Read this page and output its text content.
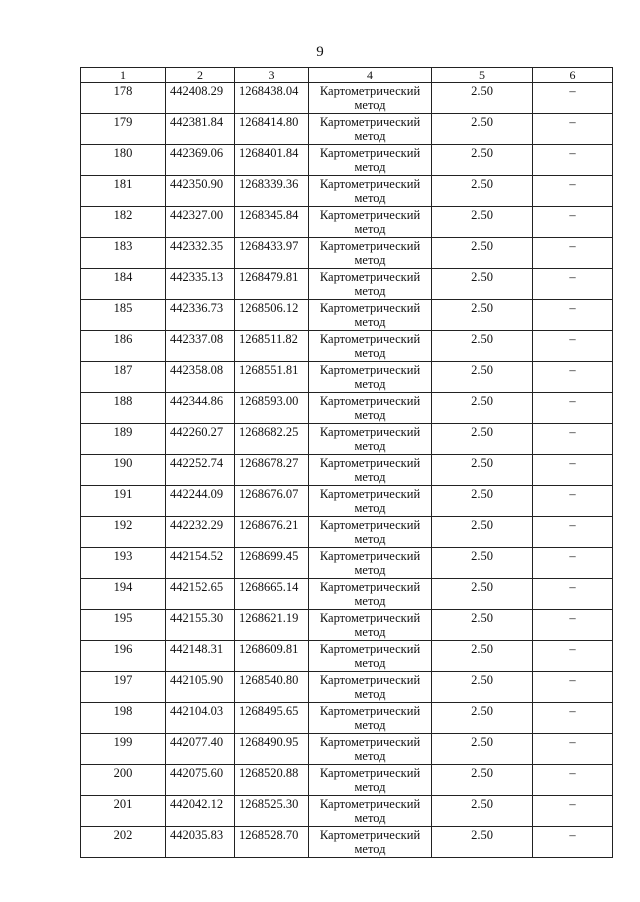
9
1	2	3	4	5	6
178	442408.29	1268438.04	Картометрический метод	2.50	–
179	442381.84	1268414.80	Картометрический метод	2.50	–
180	442369.06	1268401.84	Картометрический метод	2.50	–
181	442350.90	1268339.36	Картометрический метод	2.50	–
182	442327.00	1268345.84	Картометрический метод	2.50	–
183	442332.35	1268433.97	Картометрический метод	2.50	–
184	442335.13	1268479.81	Картометрический метод	2.50	–
185	442336.73	1268506.12	Картометрический метод	2.50	–
186	442337.08	1268511.82	Картометрический метод	2.50	–
187	442358.08	1268551.81	Картометрический метод	2.50	–
188	442344.86	1268593.00	Картометрический метод	2.50	–
189	442260.27	1268682.25	Картометрический метод	2.50	–
190	442252.74	1268678.27	Картометрический метод	2.50	–
191	442244.09	1268676.07	Картометрический метод	2.50	–
192	442232.29	1268676.21	Картометрический метод	2.50	–
193	442154.52	1268699.45	Картометрический метод	2.50	–
194	442152.65	1268665.14	Картометрический метод	2.50	–
195	442155.30	1268621.19	Картометрический метод	2.50	–
196	442148.31	1268609.81	Картометрический метод	2.50	–
197	442105.90	1268540.80	Картометрический метод	2.50	–
198	442104.03	1268495.65	Картометрический метод	2.50	–
199	442077.40	1268490.95	Картометрический метод	2.50	–
200	442075.60	1268520.88	Картометрический метод	2.50	–
201	442042.12	1268525.30	Картометрический метод	2.50	–
202	442035.83	1268528.70	Картометрический метод	2.50	–
